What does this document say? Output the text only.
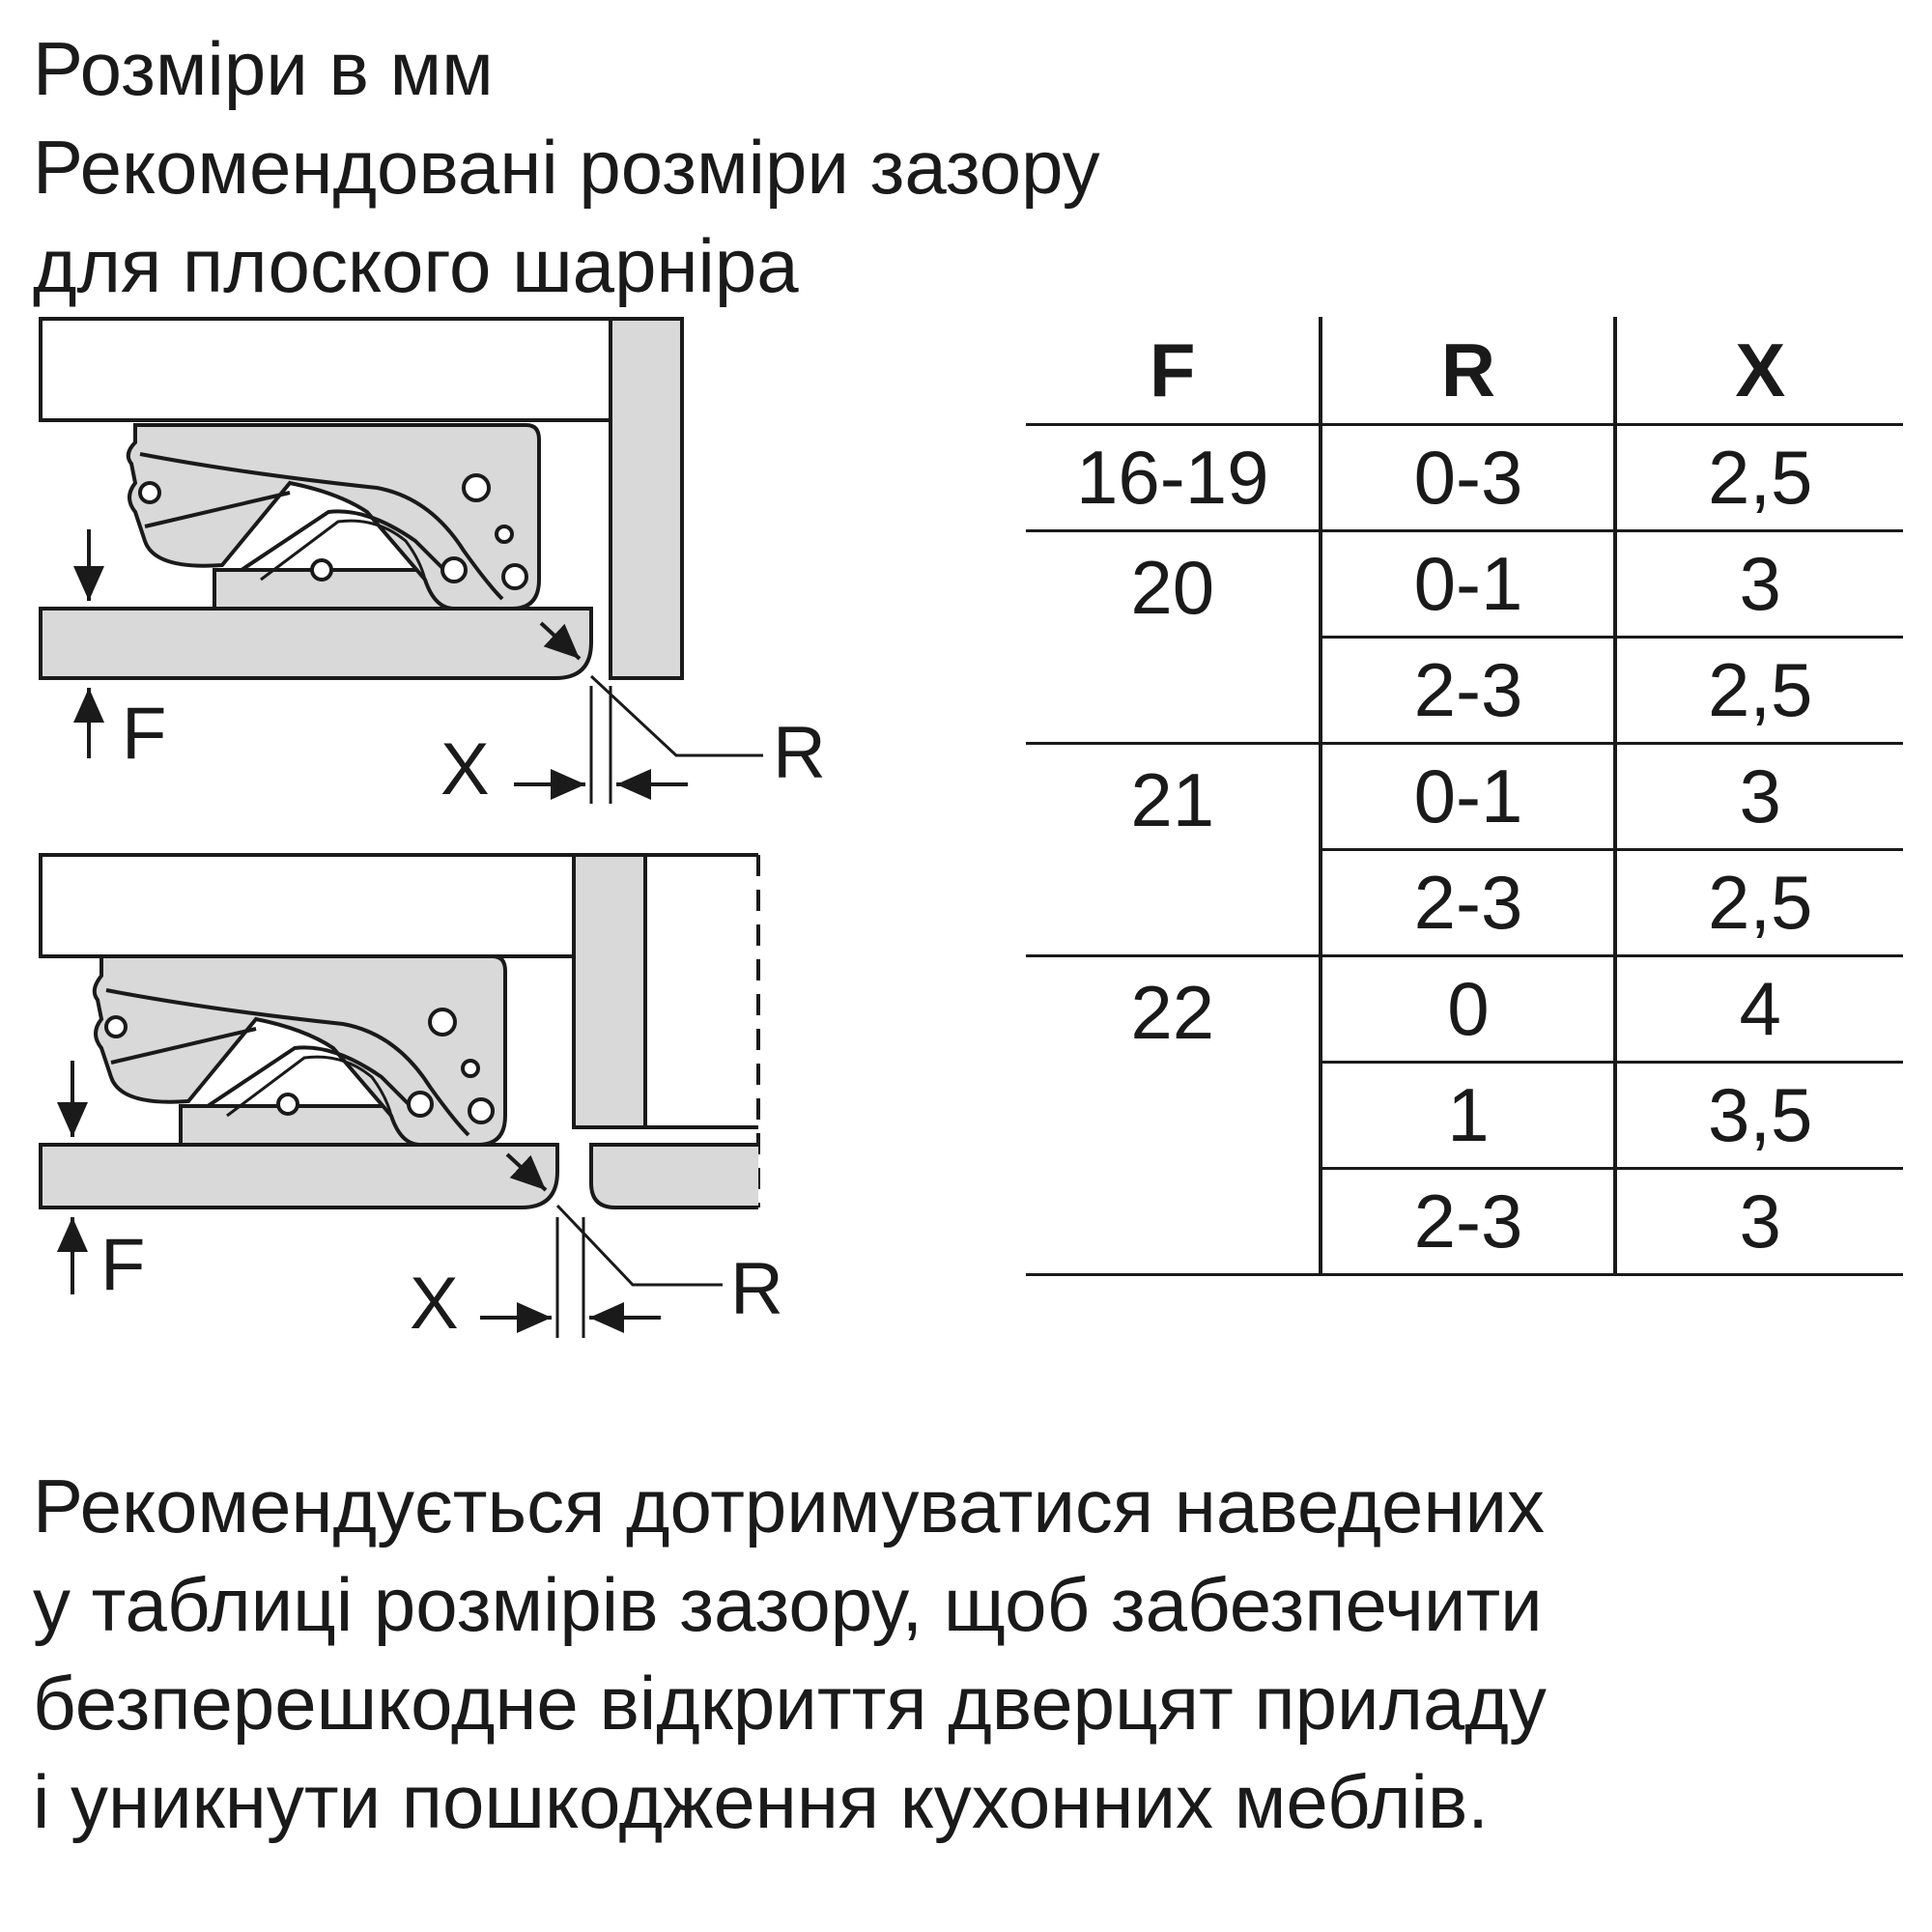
Розміри в мм
Рекомендовані розміри зазору
для плоского шарніра
F	R
X
F	R
X
F	R	X
16-19	0-3	2,5
20	0-1	3
	2-3	2,5
21	0-1	3
	2-3	2,5
22	0	4
	1	3,5
	2-3	3

Рекомендується дотримуватися наведених
у таблиці розмірів зазору, щоб забезпечити
безперешкодне відкриття дверцят приладу
і уникнути пошкодження кухонних меблів.
